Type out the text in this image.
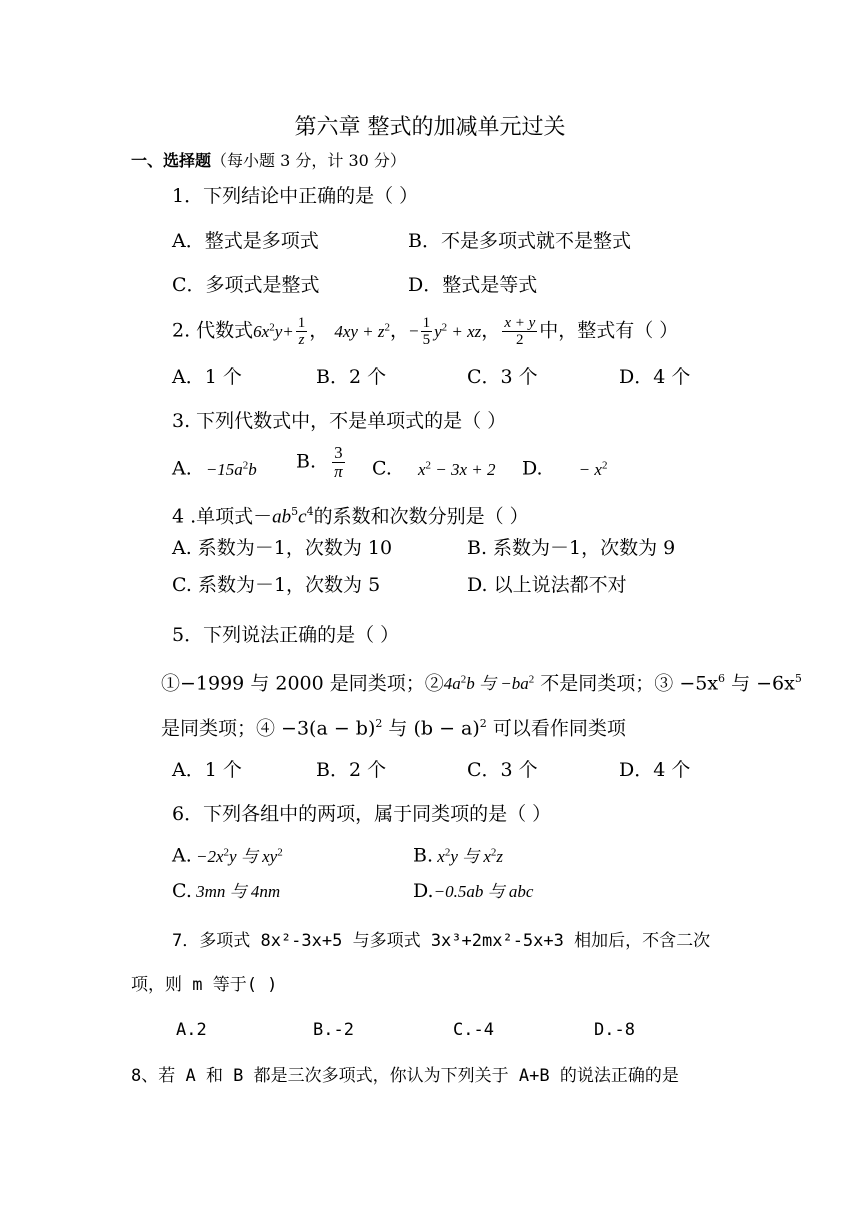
第六章 整式的加减单元过关
一、选择题（每小题 3 分，计 30 分）
1．下列结论中正确的是（ ）
A．整式是多项式	B．不是多项式就不是整式
C．多项式是整式	D．整式是等式
2. 代数式$6x^2y+ \frac{1}{z}$ ， $4xy + z^2$，− $\frac{1}{5} y^2$ + xz， $\frac{x + y}{2}$ 中，整式有（ ）
A．1 个	B．2 个	C．3 个	D．4 个
3. 下列代数式中，不是单项式的是（ ）
A. $-15a^2b$ B. $\frac{3}{\pi} C$. $x^2 - 3x + 2$ D. − $x^2$
4 .单项式$-ab^5c^4$的系数和次数分别是（ ）
A. 系数为－1，次数为 10	B. 系数为－1，次数为 9
C. 系数为－1，次数为 5	D. 以上说法都不对
5．下列说法正确的是（ ）
①−1999 与 2000 是同类项；$②4a^2b$ 与 $-ba^2$ 不是同类项；③ $-5x^6$ 与 $-6x^5$
是同类项；④ $-3(a - b)^2$ 与 $(b - a)^2$ 可以看作同类项
A．1 个	B．2 个	C．3 个	D．4 个
6．下列各组中的两项，属于同类项的是（ ）
A. $-2x^2y$ 与 $xy^2$	B. $x^2y$ 与 $x^2z$
C. 3mn 与 4nm	D.−0.5ab 与 abc
7．多项式 8x²-3x+5 与多项式 3x³+2mx²-5x+3 相加后，不含二次
项，则 m 等于( )
A.2	B.-2	C.-4	D.-8
8、若 A 和 B 都是三次多项式，你认为下列关于 A+B 的说法正确的是
